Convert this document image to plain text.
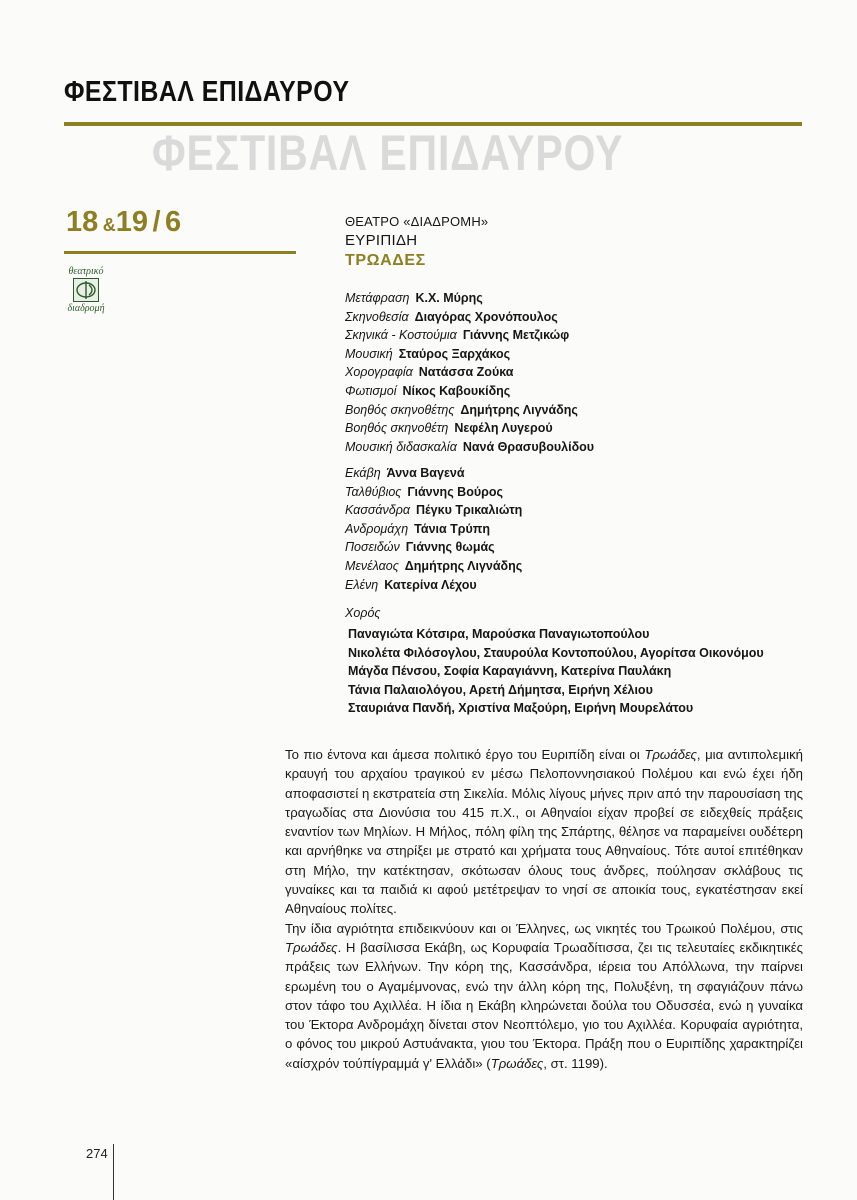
ΦΕΣΤΙΒΑΛ ΕΠΙΔΑΥΡΟΥ
ΦΕΣΤΙΒΑΛ ΕΠΙΔΑΥΡΟΥ
18 &19 / 6
θεατρικό
διαδρομή
ΘΕΑΤΡΟ «ΔΙΑΔΡΟΜΗ»
ΕΥΡΙΠΙΔΗ
ΤΡΩΑΔΕΣ
Μετάφραση Κ.Χ. Μύρης
Σκηνοθεσία Διαγόρας Χρονόπουλος
Σκηνικά - Κοστούμια Γιάννης Μετζικώφ
Μουσική Σταύρος Ξαρχάκος
Χορογραφία Νατάσσα Ζούκα
Φωτισμοί Νίκος Καβουκίδης
Βοηθός σκηνοθέτης Δημήτρης Λιγνάδης
Βοηθός σκηνοθέτη Νεφέλη Λυγερού
Μουσική διδασκαλία Νανά Θρασυβουλίδου
Εκάβη Άννα Βαγενά
Ταλθύβιος Γιάννης Βούρος
Κασσάνδρα Πέγκυ Τρικαλιώτη
Ανδρομάχη Τάνια Τρύπη
Ποσειδών Γιάννης θωμάς
Μενέλαος Δημήτρης Λιγνάδης
Ελένη Κατερίνα Λέχου
Χορός
Παναγιώτα Κότσιρα, Μαρούσκα Παναγιωτοπούλου
Νικολέτα Φιλόσογλου, Σταυρούλα Κοντοπούλου, Αγορίτσα Οικονόμου
Μάγδα Πένσου, Σοφία Καραγιάννη, Κατερίνα Παυλάκη
Τάνια Παλαιολόγου, Αρετή Δήμητσα, Ειρήνη Χέλιου
Σταυριάνα Πανδή, Χριστίνα Μαξούρη, Ειρήνη Μουρελάτου

Το πιο έντονα και άμεσα πολιτικό έργο του Ευριπίδη είναι οι Τρωάδες, μια αντιπολεμική κραυγή του αρχαίου τραγικού εν μέσω Πελοποννησιακού Πολέμου και ενώ έχει ήδη αποφασιστεί η εκστρατεία στη Σικελία. Μόλις λίγους μήνες πριν από την παρουσίαση της τραγωδίας στα Διονύσια του 415 π.Χ., οι Αθηναίοι είχαν προβεί σε ειδεχθείς πράξεις εναντίον των Μηλίων. Η Μήλος, πόλη φίλη της Σπάρτης, θέλησε να παραμείνει ουδέτερη και αρνήθηκε να στηρίξει με στρατό και χρήματα τους Αθηναίους. Τότε αυτοί επιτέθηκαν στη Μήλο, την κατέκτησαν, σκότωσαν όλους τους άνδρες, πούλησαν σκλάβους τις γυναίκες και τα παιδιά κι αφού μετέτρεψαν το νησί σε αποικία τους, εγκατέστησαν εκεί Αθηναίους πολίτες.

Την ίδια αγριότητα επιδεικνύουν και οι Έλληνες, ως νικητές του Τρωικού Πολέμου, στις Τρωάδες. Η βασίλισσα Εκάβη, ως Κορυφαία Τρωαδίτισσα, ζει τις τελευταίες εκδικητικές πράξεις των Ελλήνων. Την κόρη της, Κασσάνδρα, ιέρεια του Απόλλωνα, την παίρνει ερωμένη του ο Αγαμέμνονας, ενώ την άλλη κόρη της, Πολυξένη, τη σφαγιάζουν πάνω στον τάφο του Αχιλλέα. Η ίδια η Εκάβη κληρώνεται δούλα του Οδυσσέα, ενώ η γυναίκα του Έκτορα Ανδρομάχη δίνεται στον Νεοπτόλεμο, γιο του Αχιλλέα. Κορυφαία αγριότητα, ο φόνος του μικρού Αστυάνακτα, γιου του Έκτορα. Πράξη που ο Ευριπίδης χαρακτηρίζει «αίσχρόν τούπίγραμμά γ' Ελλάδι» (Τρωάδες, στ. 1199).

274
